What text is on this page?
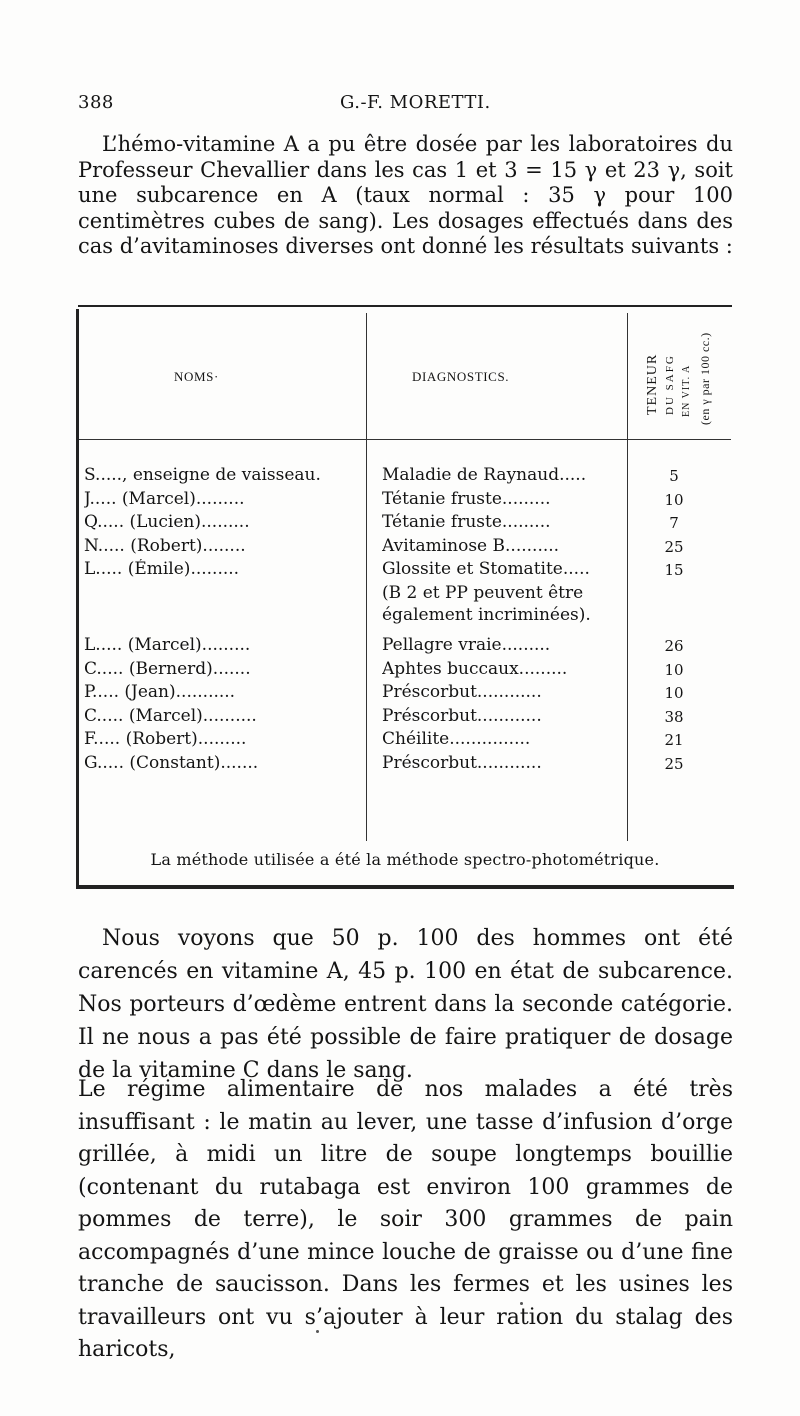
388	G.-F. MORETTI.

L’hémo-vitamine A a pu être dosée par les laboratoires du Professeur Chevallier dans les cas 1 et 3 = 15 γ et 23 γ, soit une subcarence en A (taux normal : 35 γ pour 100 centimètres cubes de sang). Les dosages effectués dans des cas d’avitaminoses diverses ont donné les résultats suivants :

NOMS·	DIAGNOSTICS.	TENEUR DU SAFG EN VIT. A (en γ par 100 cc.)
S....., enseigne de vaisseau.	Maladie de Raynaud.....	5
J..... (Marcel).........	Tétanie fruste.........	10
Q..... (Lucien).........	Tétanie fruste.........	7
N..... (Robert)........	Avitaminose B..........	25
L..... (Émile).........	Glossite et Stomatite.....	15
(B 2 et PP peuvent être
également incriminées).
L..... (Marcel).........	Pellagre vraie.........	26
C..... (Bernerd).......	Aphtes buccaux.........	10
P..... (Jean)...........	Préscorbut............	10
C..... (Marcel)..........	Préscorbut............	38
F..... (Robert).........	Chéilite...............	21
G..... (Constant).......	Préscorbut............	25
La méthode utilisée a été la méthode spectro-photométrique.

Nous voyons que 50 p. 100 des hommes ont été carencés en vitamine A, 45 p. 100 en état de subcarence. Nos porteurs d’œdème entrent dans la seconde catégorie. Il ne nous a pas été possible de faire pratiquer de dosage de la vitamine C dans le sang.

Le régime alimentaire de nos malades a été très insuffisant : le matin au lever, une tasse d’infusion d’orge grillée, à midi un litre de soupe longtemps bouillie (contenant du rutabaga est environ 100 grammes de pommes de terre), le soir 300 grammes de pain accompagnés d’une mince louche de graisse ou d’une fine tranche de saucisson. Dans les fermes et les usines les travailleurs ont vu s’ajouter à leur ration du stalag des haricots,
